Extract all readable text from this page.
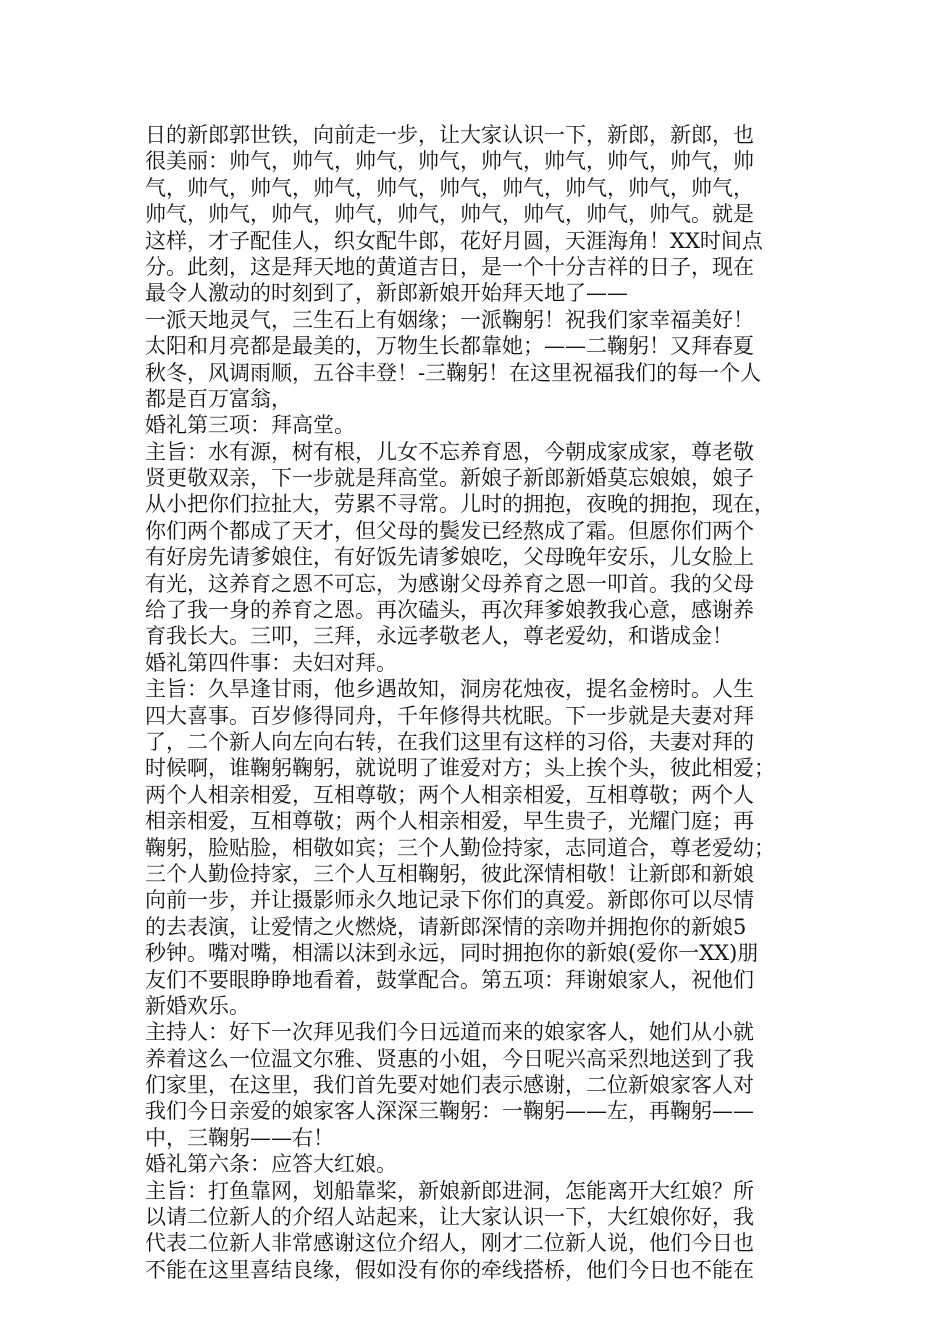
日的新郎郭世铁，向前走一步，让大家认识一下，新郎，新郎，也
很美丽：帅气，帅气，帅气，帅气，帅气，帅气，帅气，帅气，帅
气，帅气，帅气，帅气，帅气，帅气，帅气，帅气，帅气，帅气，
帅气，帅气，帅气，帅气，帅气，帅气，帅气，帅气，帅气。就是
这样，才子配佳人，织女配牛郎，花好月圆，天涯海角！XX时间点
分。此刻，这是拜天地的黄道吉日，是一个十分吉祥的日子，现在
最令人激动的时刻到了，新郎新娘开始拜天地了——
一派天地灵气，三生石上有姻缘；一派鞠躬！祝我们家幸福美好！
太阳和月亮都是最美的，万物生长都靠她；——二鞠躬！又拜春夏
秋冬，风调雨顺，五谷丰登！-三鞠躬！在这里祝福我们的每一个人
都是百万富翁，
婚礼第三项：拜高堂。
主旨：水有源，树有根，儿女不忘养育恩，今朝成家成家，尊老敬
贤更敬双亲，下一步就是拜高堂。新娘子新郎新婚莫忘娘娘，娘子
从小把你们拉扯大，劳累不寻常。儿时的拥抱，夜晚的拥抱，现在，
你们两个都成了天才，但父母的鬓发已经熬成了霜。但愿你们两个
有好房先请爹娘住，有好饭先请爹娘吃，父母晚年安乐，儿女脸上
有光，这养育之恩不可忘，为感谢父母养育之恩一叩首。我的父母
给了我一身的养育之恩。再次磕头，再次拜爹娘教我心意，感谢养
育我长大。三叩，三拜，永远孝敬老人，尊老爱幼，和谐成金！
婚礼第四件事：夫妇对拜。
主旨：久旱逢甘雨，他乡遇故知，洞房花烛夜，提名金榜时。人生
四大喜事。百岁修得同舟，千年修得共枕眠。下一步就是夫妻对拜
了，二个新人向左向右转，在我们这里有这样的习俗，夫妻对拜的
时候啊，谁鞠躬鞠躬，就说明了谁爱对方；头上挨个头，彼此相爱；
两个人相亲相爱，互相尊敬；两个人相亲相爱，互相尊敬；两个人
相亲相爱，互相尊敬；两个人相亲相爱，早生贵子，光耀门庭；再
鞠躬，脸贴脸，相敬如宾；三个人勤俭持家，志同道合，尊老爱幼；
三个人勤俭持家，三个人互相鞠躬，彼此深情相敬！让新郎和新娘
向前一步，并让摄影师永久地记录下你们的真爱。新郎你可以尽情
的去表演，让爱情之火燃烧，请新郎深情的亲吻并拥抱你的新娘5
秒钟。嘴对嘴，相濡以沫到永远，同时拥抱你的新娘(爱你一XX)朋
友们不要眼睁睁地看着，鼓掌配合。第五项：拜谢娘家人，祝他们
新婚欢乐。
主持人：好下一次拜见我们今日远道而来的娘家客人，她们从小就
养着这么一位温文尔雅、贤惠的小姐，今日呢兴高采烈地送到了我
们家里，在这里，我们首先要对她们表示感谢，二位新娘家客人对
我们今日亲爱的娘家客人深深三鞠躬：一鞠躬——左，再鞠躬——
中，三鞠躬——右！
婚礼第六条：应答大红娘。
主旨：打鱼靠网，划船靠桨，新娘新郎进洞，怎能离开大红娘？所
以请二位新人的介绍人站起来，让大家认识一下，大红娘你好，我
代表二位新人非常感谢这位介绍人，刚才二位新人说，他们今日也
不能在这里喜结良缘，假如没有你的牵线搭桥，他们今日也不能在
